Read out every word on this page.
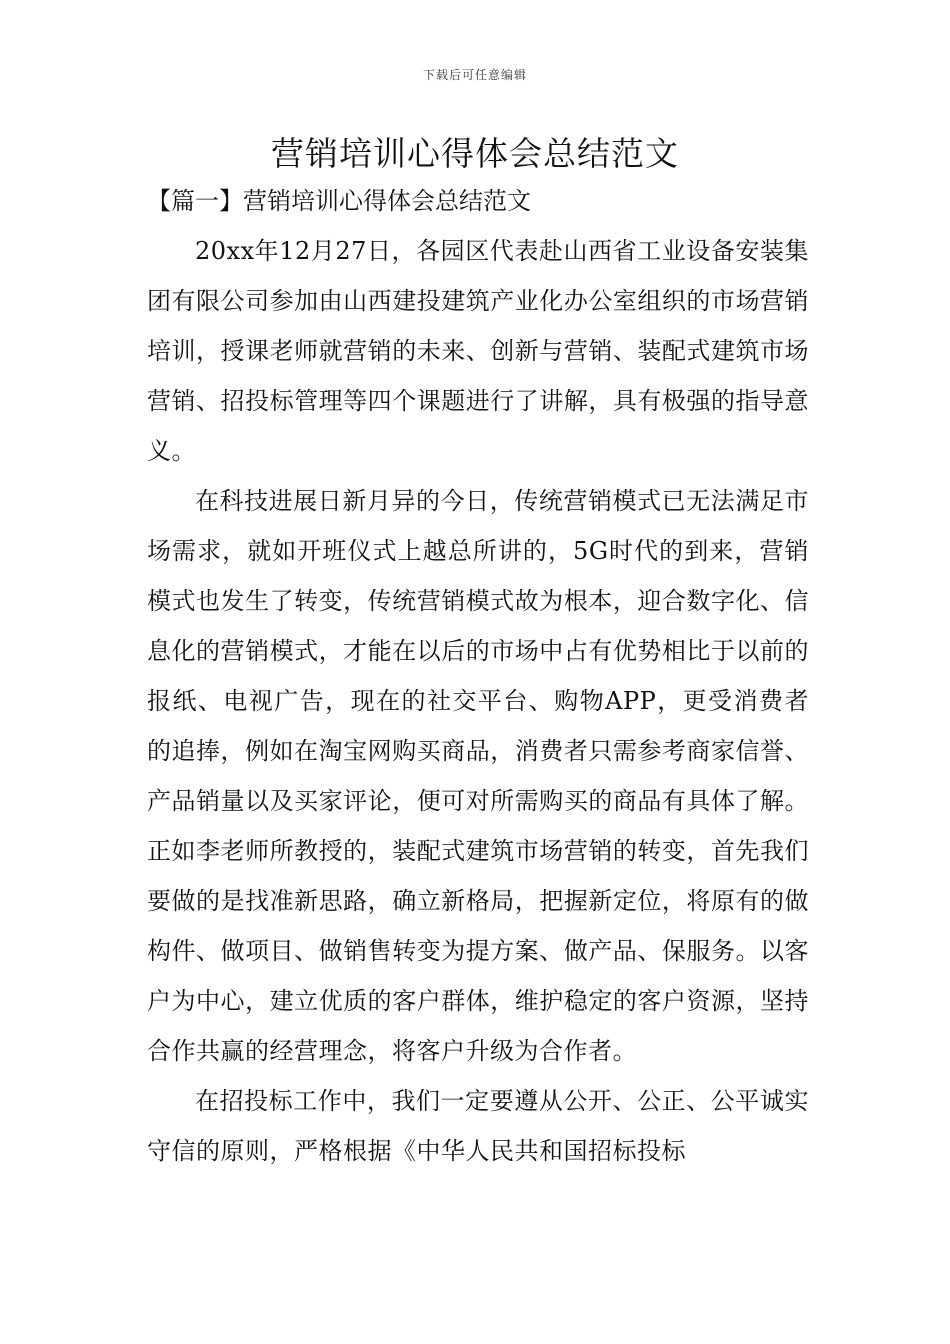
下载后可任意编辑
营销培训心得体会总结范文
【篇一】营销培训心得体会总结范文

20xx年12月27日，各园区代表赴山西省工业设备安装集团有限公司参加由山西建投建筑产业化办公室组织的市场营销培训，授课老师就营销的未来、创新与营销、装配式建筑市场营销、招投标管理等四个课题进行了讲解，具有极强的指导意义。

在科技进展日新月异的今日，传统营销模式已无法满足市场需求，就如开班仪式上越总所讲的，5G时代的到来，营销模式也发生了转变，传统营销模式故为根本，迎合数字化、信息化的营销模式，才能在以后的市场中占有优势相比于以前的报纸、电视广告，现在的社交平台、购物APP，更受消费者的追捧，例如在淘宝网购买商品，消费者只需参考商家信誉、产品销量以及买家评论，便可对所需购买的商品有具体了解。正如李老师所教授的，装配式建筑市场营销的转变，首先我们要做的是找准新思路，确立新格局，把握新定位，将原有的做构件、做项目、做销售转变为提方案、做产品、保服务。以客户为中心，建立优质的客户群体，维护稳定的客户资源，坚持合作共赢的经营理念，将客户升级为合作者。

在招投标工作中，我们一定要遵从公开、公正、公平诚实守信的原则，严格根据《中华人民共和国招标投标
